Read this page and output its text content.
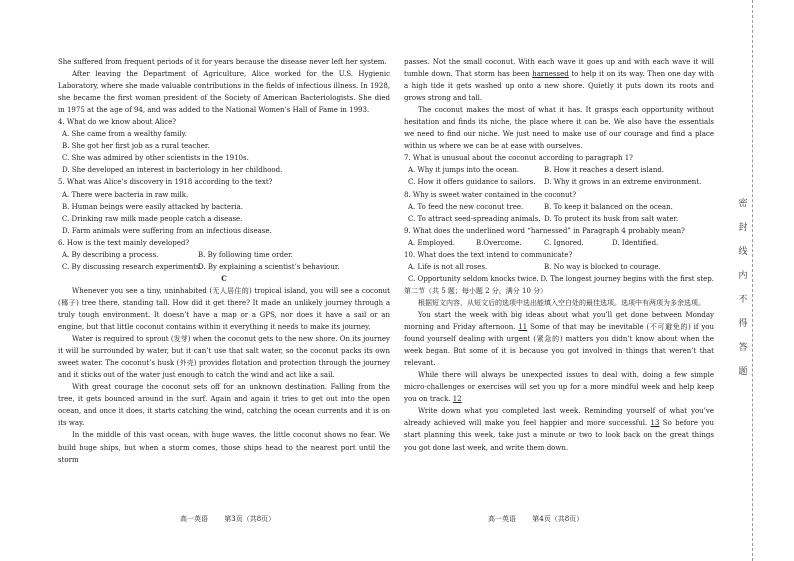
She suffered from frequent periods of it for years because the disease never left her system.

After leaving the Department of Agriculture, Alice worked for the U.S. Hygienic Laboratory, where she made valuable contributions in the fields of infectious illness. In 1928, she became the first woman president of the Society of American Bacteriologists. She died in 1975 at the age of 94, and was added to the National Women’s Hall of Fame in 1993.

4. What do we know about Alice?

A. She came from a wealthy family.

B. She got her first job as a rural teacher.

C. She was admired by other scientists in the 1910s.

D. She developed an interest in bacteriology in her childhood.

5. What was Alice’s discovery in 1918 according to the text?

A. There were bacteria in raw milk.

B. Human beings were easily attacked by bacteria.

C. Drinking raw milk made people catch a disease.

D. Farm animals were suffering from an infectious disease.

6. How is the text mainly developed?

A. By describing a process.	B. By following time order.

C. By discussing research experiments.
D. By explaining a scientist’s behaviour.

C

Whenever you see a tiny, uninhabited (无人居住的) tropical island, you will see a coconut (椰子) tree there, standing tall. How did it get there? It made an unlikely journey through a truly tough environment. It doesn’t have a map or a GPS, nor does it have a sail or an engine, but that little coconut contains within it everything it needs to make its journey.

Water is required to sprout (发芽) when the coconut gets to the new shore. On its journey it will be surrounded by water, but it can’t use that salt water, so the coconut packs its own sweet water. The coconut’s husk (外壳) provides flotation and protection through the journey and it sticks out of the water just enough to catch the wind and act like a sail.

With great courage the coconut sets off for an unknown destination. Falling from the tree, it gets bounced around in the surf. Again and again it tries to get out into the open ocean, and once it does, it starts catching the wind, catching the ocean currents and it is on its way.

In the middle of this vast ocean, with huge waves, the little coconut shows no fear. We build huge ships, but when a storm comes, those ships head to the nearest port until the storm

passes. Not the small coconut. With each wave it goes up and with each wave it will tumble down. That storm has been harnessed to help it on its way. Then one day with a high tide it gets washed up onto a new shore. Quietly it puts down its roots and grows strong and tall.

The coconut makes the most of what it has. It grasps each opportunity without hesitation and finds its niche, the place where it can be. We also have the essentials we need to find our niche. We just need to make use of our courage and find a place within us where we can be at ease with ourselves.

7. What is unusual about the coconut according to paragraph 1?

A. Why it jumps into the ocean.	B. How it reaches a desert island.

C. How it offers guidance to sailors.	D. Why it grows in an extreme environment.

8. Why is sweet water contained in the coconut?

A. To feed the new coconut tree.	B. To keep it balanced on the ocean.

C. To attract seed-spreading animals. D. To protect its husk from salt water.

9. What does the underlined word “harnessed” in Paragraph 4 probably mean?

A. Employed.	B.Overcome.	C. Ignored.	D. Identified.

10. What does the text intend to communicate?

A. Life is not all roses.	B. No way is blocked to courage.

C. Opportunity seldom knocks twice. D. The longest journey begins with the first step.

第二节（共 5 题；每小题 2 分，满分 10 分）

根据短文内容，从短文后的选项中选出能填入空白处的最佳选项。选项中有两项为多余选项。

You start the week with big ideas about what you’ll get done between Monday morning and Friday afternoon. 11 Some of that may be inevitable (不可避免的) if you found yourself dealing with urgent (紧急的) matters you didn’t know about when the week began. But some of it is because you got involved in things that weren’t that relevant.

While there will always be unexpected issues to deal with, doing a few simple micro-challenges or exercises will set you up for a more mindful week and help keep you on track. 12

Write down what you completed last week. Reminding yourself of what you’ve already achieved will make you feel happier and more successful. 13 So before you start planning this week, take just a minute or two to look back on the great things you got done last week, and write them down.

高一英语 第3页（共8页）	高一英语 第4页（共8页）
密
封
线
内
不
得
答
题
